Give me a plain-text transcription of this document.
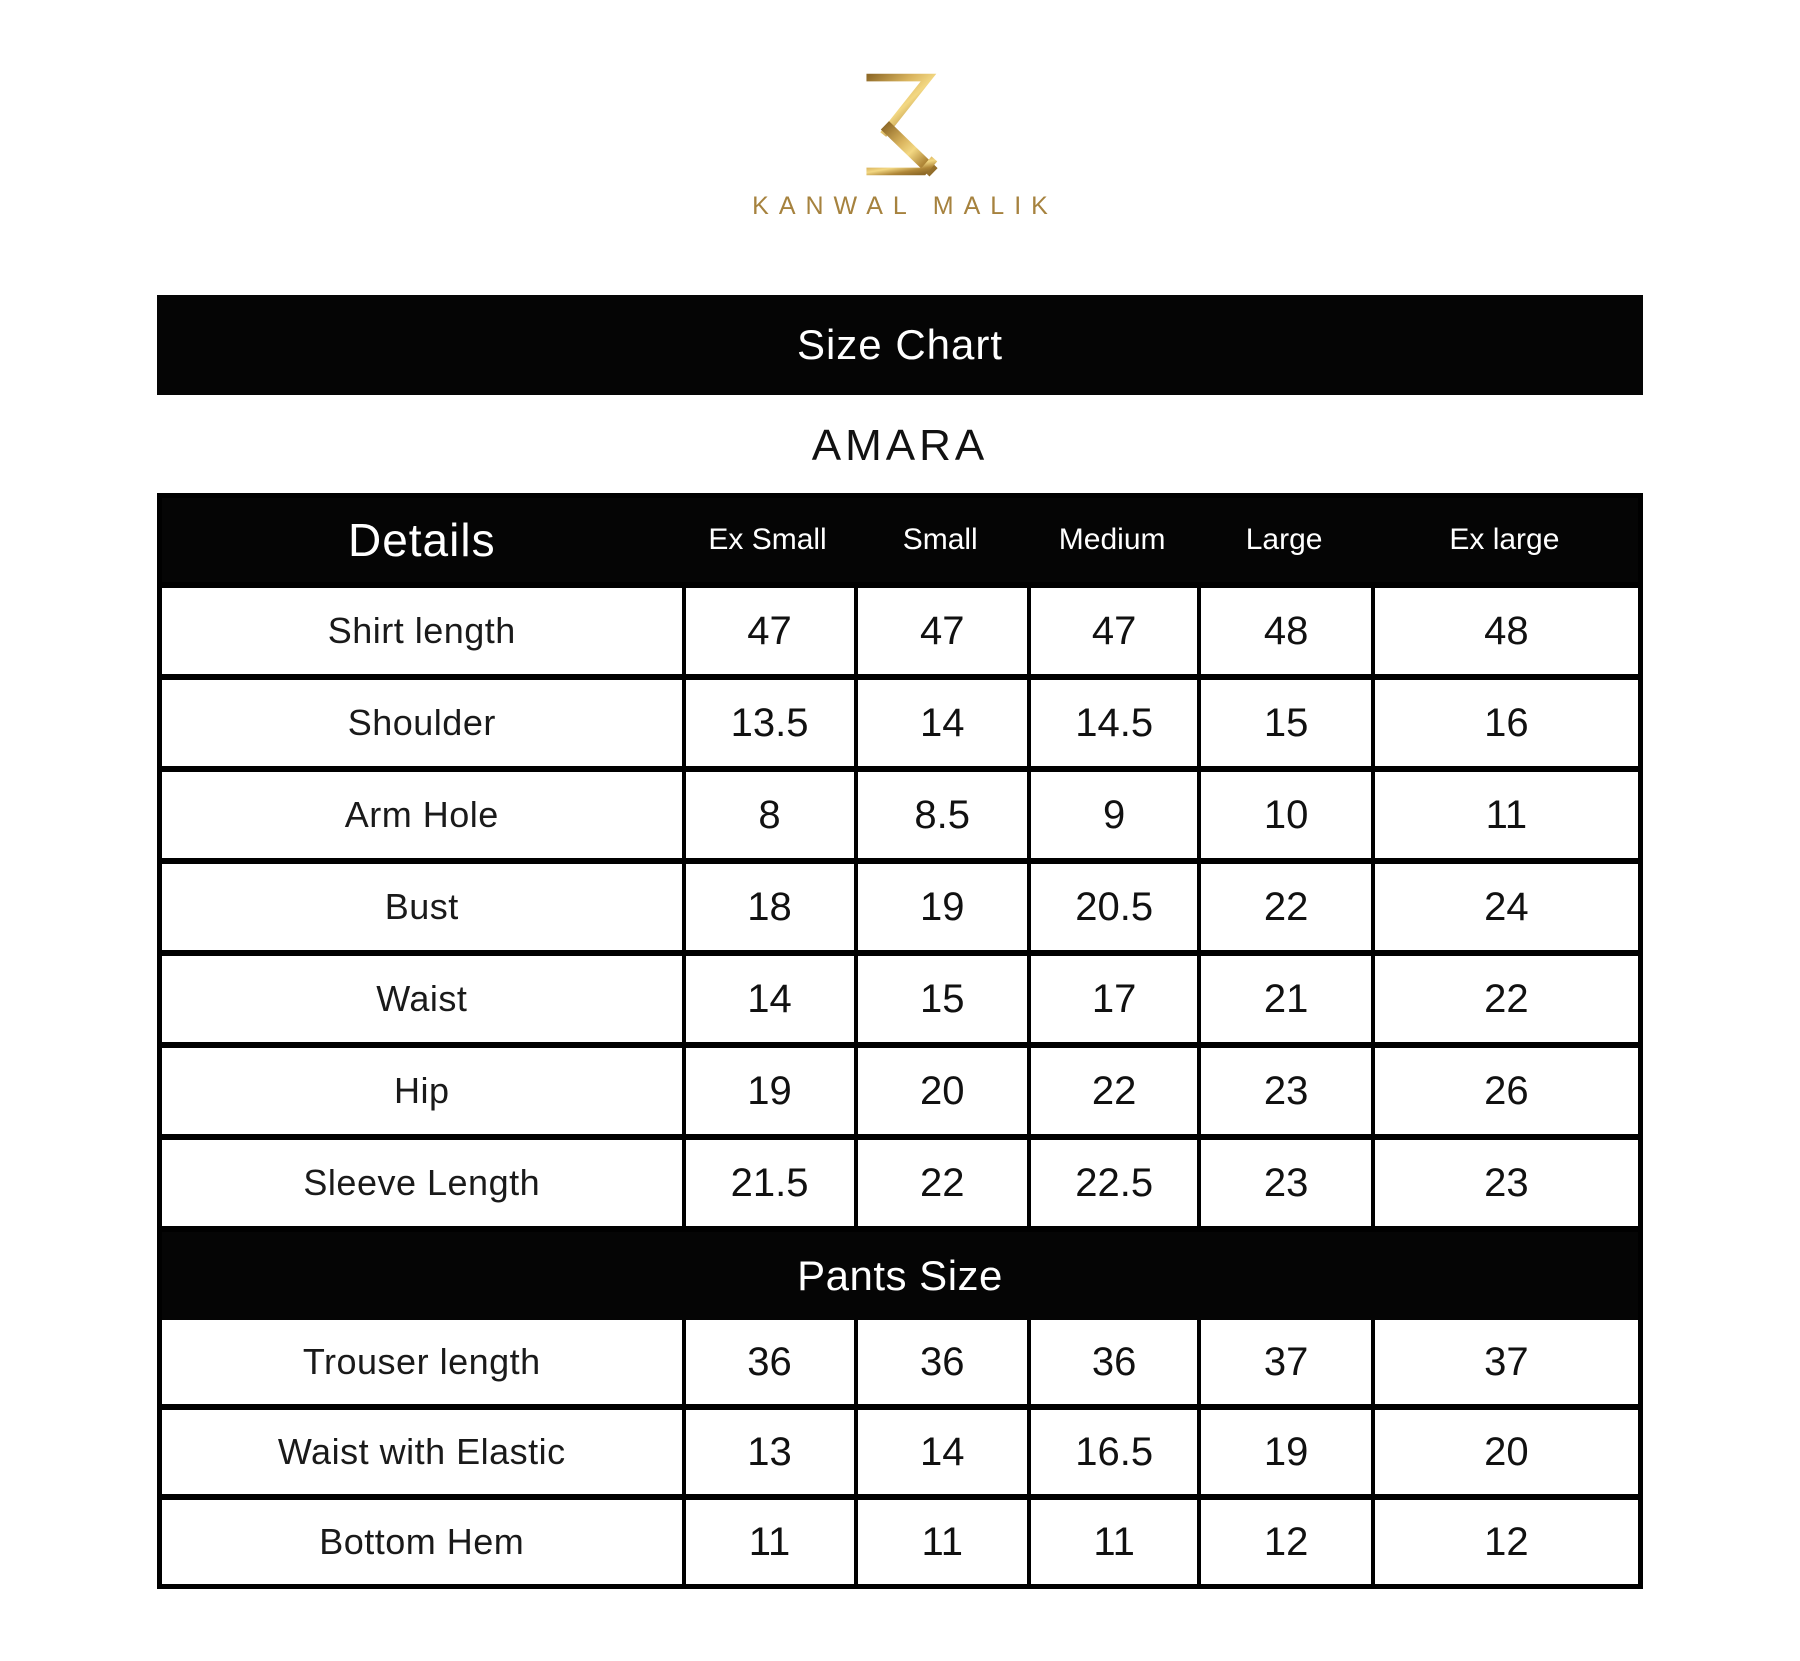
KANWAL MALIK
Size Chart
AMARA
Details	Ex Small	Small	Medium	Large	Ex large
Shirt length	47	47	47	48	48
Shoulder	13.5	14	14.5	15	16
Arm Hole	8	8.5	9	10	11
Bust	18	19	20.5	22	24
Waist	14	15	17	21	22
Hip	19	20	22	23	26
Sleeve Length	21.5	22	22.5	23	23
Pants Size
Trouser length	36	36	36	37	37
Waist with Elastic	13	14	16.5	19	20
Bottom Hem	11	11	11	12	12
